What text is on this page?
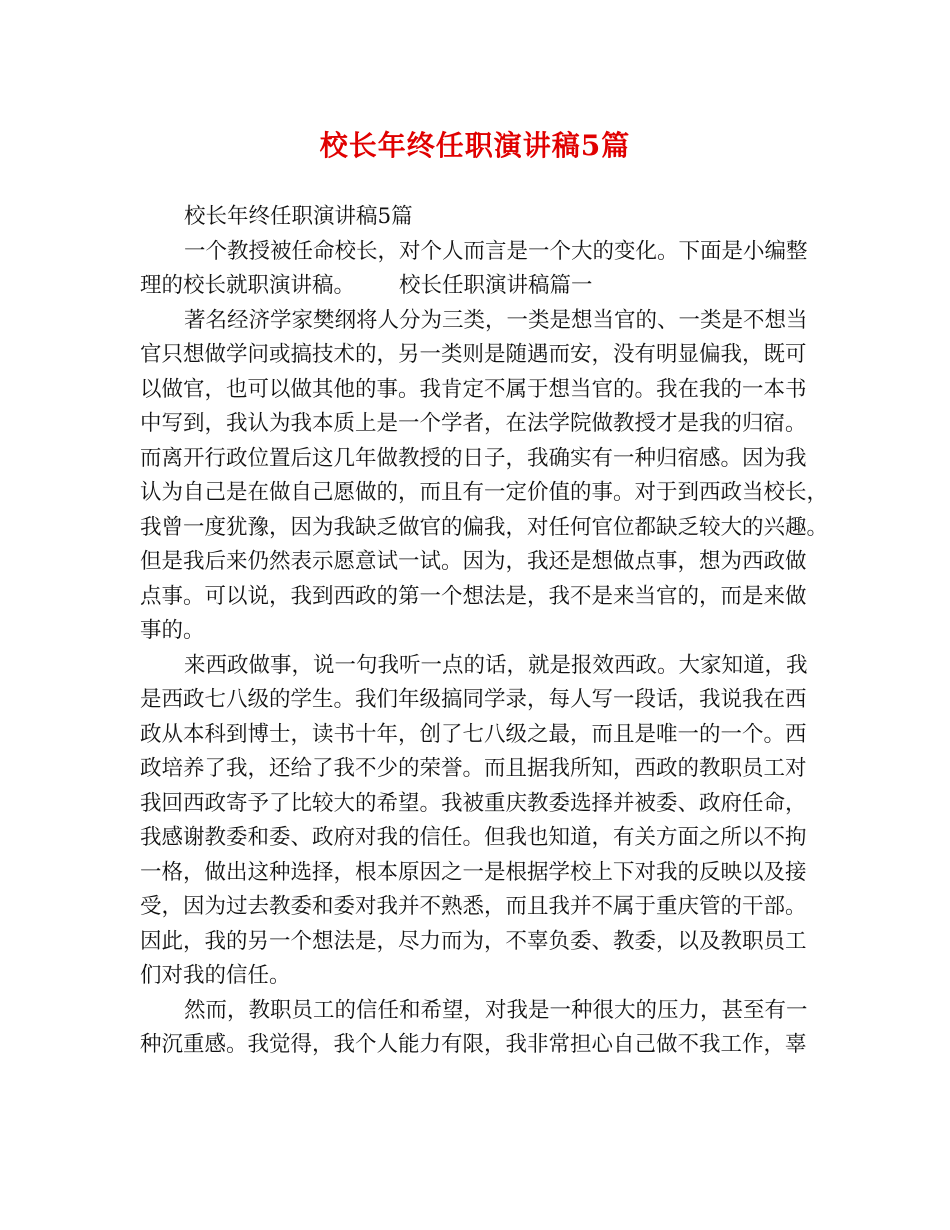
校长年终任职演讲稿5篇
校长年终任职演讲稿5篇
一个教授被任命校长，对个人而言是一个大的变化。下面是小编整
理的校长就职演讲稿。 校长任职演讲稿篇一
著名经济学家樊纲将人分为三类，一类是想当官的、一类是不想当
官只想做学问或搞技术的，另一类则是随遇而安，没有明显偏我，既可
以做官，也可以做其他的事。我肯定不属于想当官的。我在我的一本书
中写到，我认为我本质上是一个学者，在法学院做教授才是我的归宿。
而离开行政位置后这几年做教授的日子，我确实有一种归宿感。因为我
认为自己是在做自己愿做的，而且有一定价值的事。对于到西政当校长，
我曾一度犹豫，因为我缺乏做官的偏我，对任何官位都缺乏较大的兴趣。
但是我后来仍然表示愿意试一试。因为，我还是想做点事，想为西政做
点事。可以说，我到西政的第一个想法是，我不是来当官的，而是来做
事的。
来西政做事，说一句我听一点的话，就是报效西政。大家知道，我
是西政七八级的学生。我们年级搞同学录，每人写一段话，我说我在西
政从本科到博士，读书十年，创了七八级之最，而且是唯一的一个。西
政培养了我，还给了我不少的荣誉。而且据我所知，西政的教职员工对
我回西政寄予了比较大的希望。我被重庆教委选择并被委、政府任命，
我感谢教委和委、政府对我的信任。但我也知道，有关方面之所以不拘
一格，做出这种选择，根本原因之一是根据学校上下对我的反映以及接
受，因为过去教委和委对我并不熟悉，而且我并不属于重庆管的干部。
因此，我的另一个想法是，尽力而为，不辜负委、教委，以及教职员工
们对我的信任。
然而，教职员工的信任和希望，对我是一种很大的压力，甚至有一
种沉重感。我觉得，我个人能力有限，我非常担心自己做不我工作，辜
